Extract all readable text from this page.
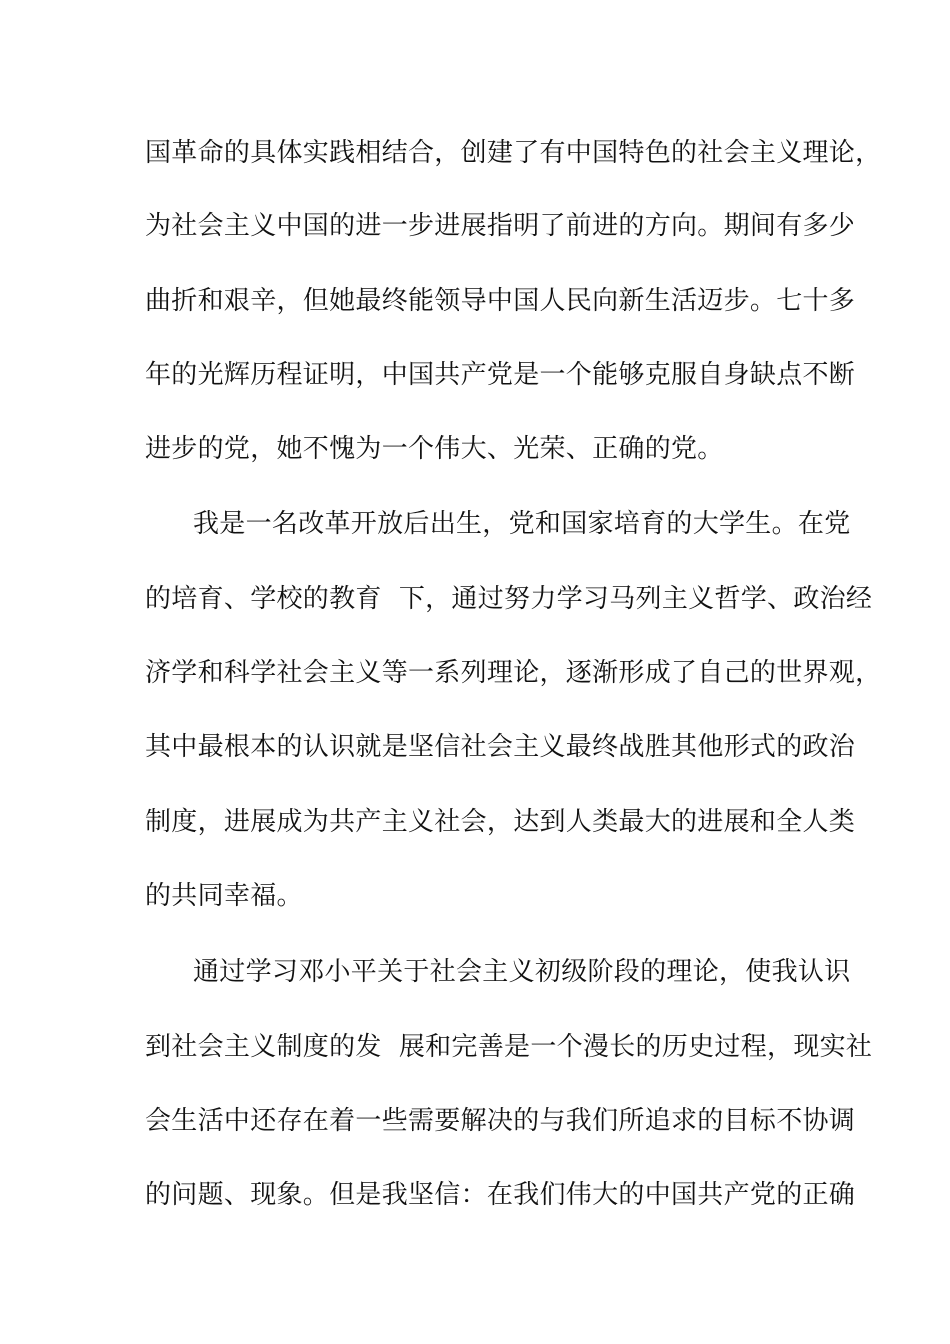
国革命的具体实践相结合，创建了有中国特色的社会主义理论，
为社会主义中国的进一步进展指明了前进的方向。期间有多少
曲折和艰辛，但她最终能领导中国人民向新生活迈步。七十多
年的光辉历程证明，中国共产党是一个能够克服自身缺点不断
进步的党，她不愧为一个伟大、光荣、正确的党。
我是一名改革开放后出生，党和国家培育的大学生。在党
的培育、学校的教育  下，通过努力学习马列主义哲学、政治经
济学和科学社会主义等一系列理论，逐渐形成了自己的世界观，
其中最根本的认识就是坚信社会主义最终战胜其他形式的政治
制度，进展成为共产主义社会，达到人类最大的进展和全人类
的共同幸福。
通过学习邓小平关于社会主义初级阶段的理论，使我认识
到社会主义制度的发  展和完善是一个漫长的历史过程，现实社
会生活中还存在着一些需要解决的与我们所追求的目标不协调
的问题、现象。但是我坚信：在我们伟大的中国共产党的正确
